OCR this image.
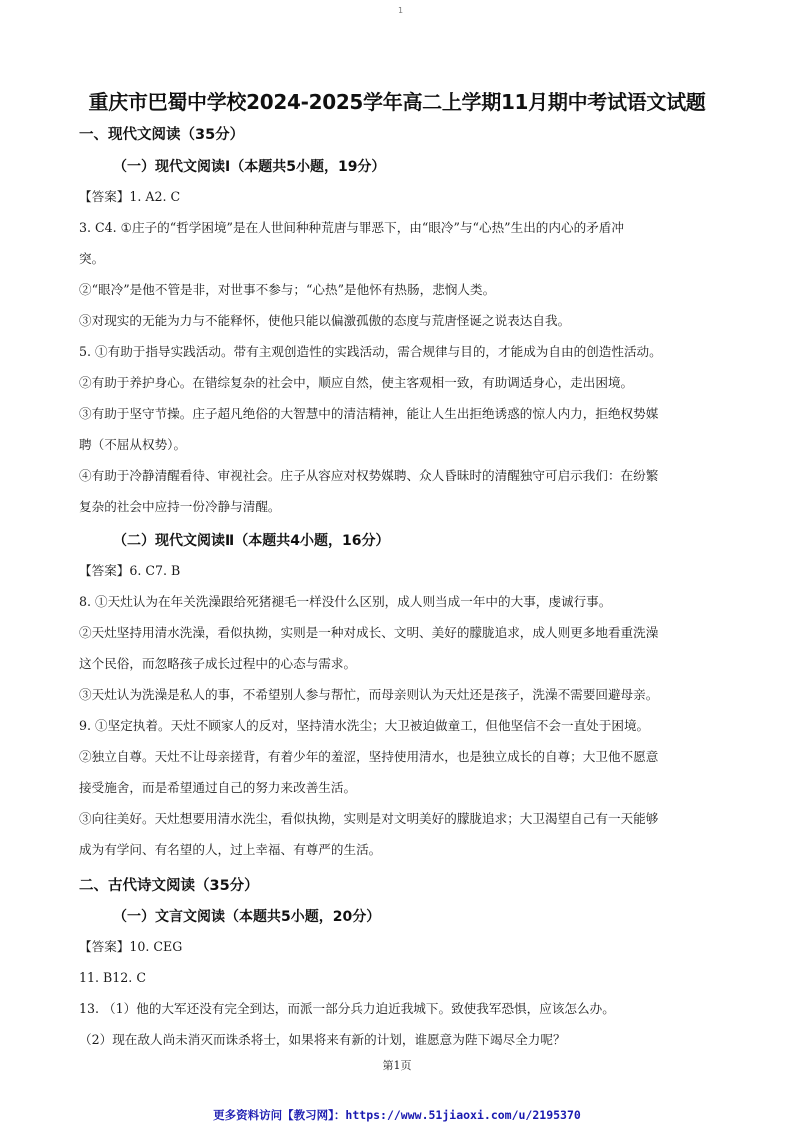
1
重庆市巴蜀中学校2024-2025学年高二上学期11月期中考试语文试题
一、现代文阅读（35分）
（一）现代文阅读Ⅰ（本题共5小题，19分）
【答案】1. A2. C
3. C4. ①庄子的“哲学困境”是在人世间种种荒唐与罪恶下，由“眼冷”与“心热”生出的内心的矛盾冲
突。
②“眼冷”是他不管是非，对世事不参与；“心热”是他怀有热肠，悲悯人类。
③对现实的无能为力与不能释怀，使他只能以偏激孤傲的态度与荒唐怪诞之说表达自我。
5. ①有助于指导实践活动。带有主观创造性的实践活动，需合规律与目的，才能成为自由的创造性活动。
②有助于养护身心。在错综复杂的社会中，顺应自然，使主客观相一致，有助调适身心，走出困境。
③有助于坚守节操。庄子超凡绝俗的大智慧中的清洁精神，能让人生出拒绝诱惑的惊人内力，拒绝权势媒
聘（不屈从权势）。
④有助于冷静清醒看待、审视社会。庄子从容应对权势媒聘、众人昏昧时的清醒独守可启示我们：在纷繁
复杂的社会中应持一份冷静与清醒。
（二）现代文阅读Ⅱ（本题共4小题，16分）
【答案】6. C7. B
8. ①天灶认为在年关洗澡跟给死猪褪毛一样没什么区别，成人则当成一年中的大事，虔诚行事。
②天灶坚持用清水洗澡，看似执拗，实则是一种对成长、文明、美好的朦胧追求，成人则更多地看重洗澡
这个民俗，而忽略孩子成长过程中的心态与需求。
③天灶认为洗澡是私人的事，不希望别人参与帮忙，而母亲则认为天灶还是孩子，洗澡不需要回避母亲。
9. ①坚定执着。天灶不顾家人的反对，坚持清水洗尘；大卫被迫做童工，但他坚信不会一直处于困境。
②独立自尊。天灶不让母亲搓背，有着少年的羞涩，坚持使用清水，也是独立成长的自尊；大卫他不愿意
接受施舍，而是希望通过自己的努力来改善生活。
③向往美好。天灶想要用清水洗尘，看似执拗，实则是对文明美好的朦胧追求；大卫渴望自己有一天能够
成为有学问、有名望的人，过上幸福、有尊严的生活。
二、古代诗文阅读（35分）
（一）文言文阅读（本题共5小题，20分）
【答案】10. CEG
11. B12. C
13. （1）他的大军还没有完全到达，而派一部分兵力迫近我城下。致使我军恐惧，应该怎么办。
（2）现在敌人尚未消灭而诛杀将士，如果将来有新的计划，谁愿意为陛下竭尽全力呢？
第1页
更多资料访问【教习网】：https://www.51jiaoxi.com/u/2195370
